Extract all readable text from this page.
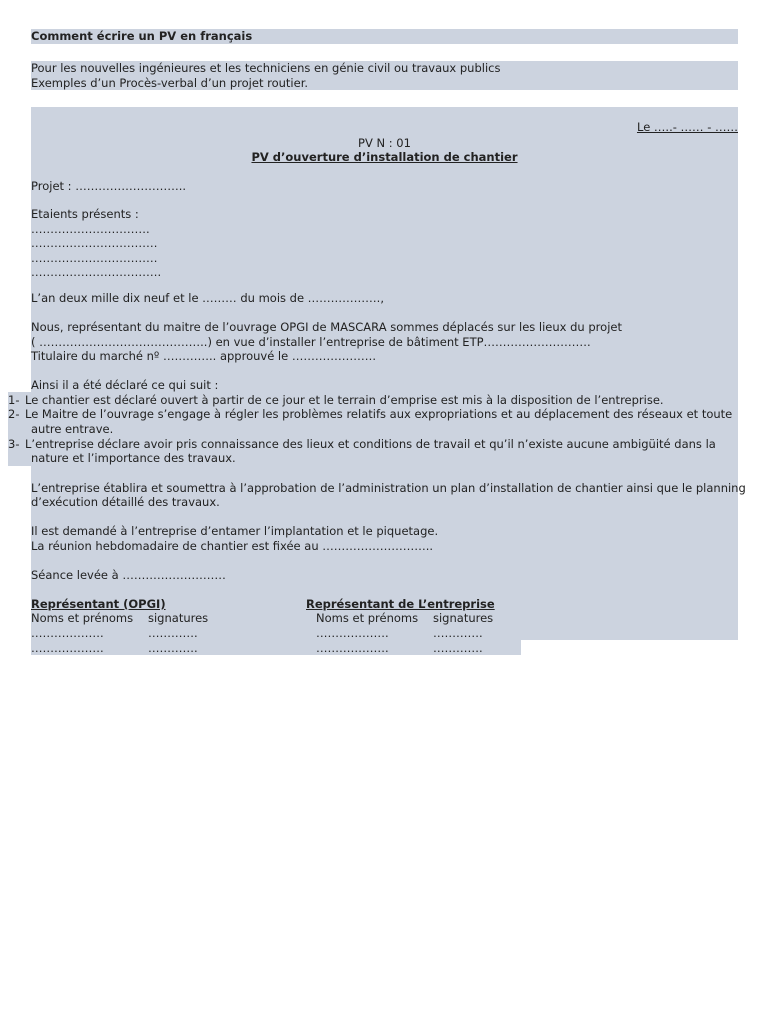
Comment écrire un PV en français
Pour les nouvelles ingénieures et les techniciens en génie civil ou travaux publics
Exemples d’un Procès-verbal d’un projet routier.
Le …..- …… - ……
PV N : 01
PV d’ouverture d’installation de chantier
Projet : ………………………..
Etaients présents :
………………………….
……………………………
……………………………
…………………………….
L’an deux mille dix neuf et le ……… du mois de ……………….,
Nous, représentant du maitre de l’ouvrage OPGI de MASCARA sommes déplacés sur les lieux du projet
( ……………………………………..) en vue d’installer l’entreprise de bâtiment ETP……………………….
Titulaire du marché nº ………….. approuvé le ………………….
Ainsi il a été déclaré ce qui suit :
1- Le chantier est déclaré ouvert à partir de ce jour et le terrain d’emprise est mis à la disposition de l’entreprise.
2- Le Maitre de l’ouvrage s’engage à régler les problèmes relatifs aux expropriations et au déplacement des réseaux et toute
autre entrave.
3- L’entreprise déclare avoir pris connaissance des lieux et conditions de travail et qu’il n’existe aucune ambigüité dans la
nature et l’importance des travaux.
L’entreprise établira et soumettra à l’approbation de l’administration un plan d’installation de chantier ainsi que le planning
d’exécution détaillé des travaux.
Il est demandé à l’entreprise d’entamer l’implantation et le piquetage.
La réunion hebdomadaire de chantier est fixée au ………………………..
Séance levée à ………………………
Représentant (OPGI)
Noms et prénoms signatures
……………….	………….
……………….	………….
Représentant de L’entreprise
Noms et prénoms signatures
……………….	………….
……………….	………….
